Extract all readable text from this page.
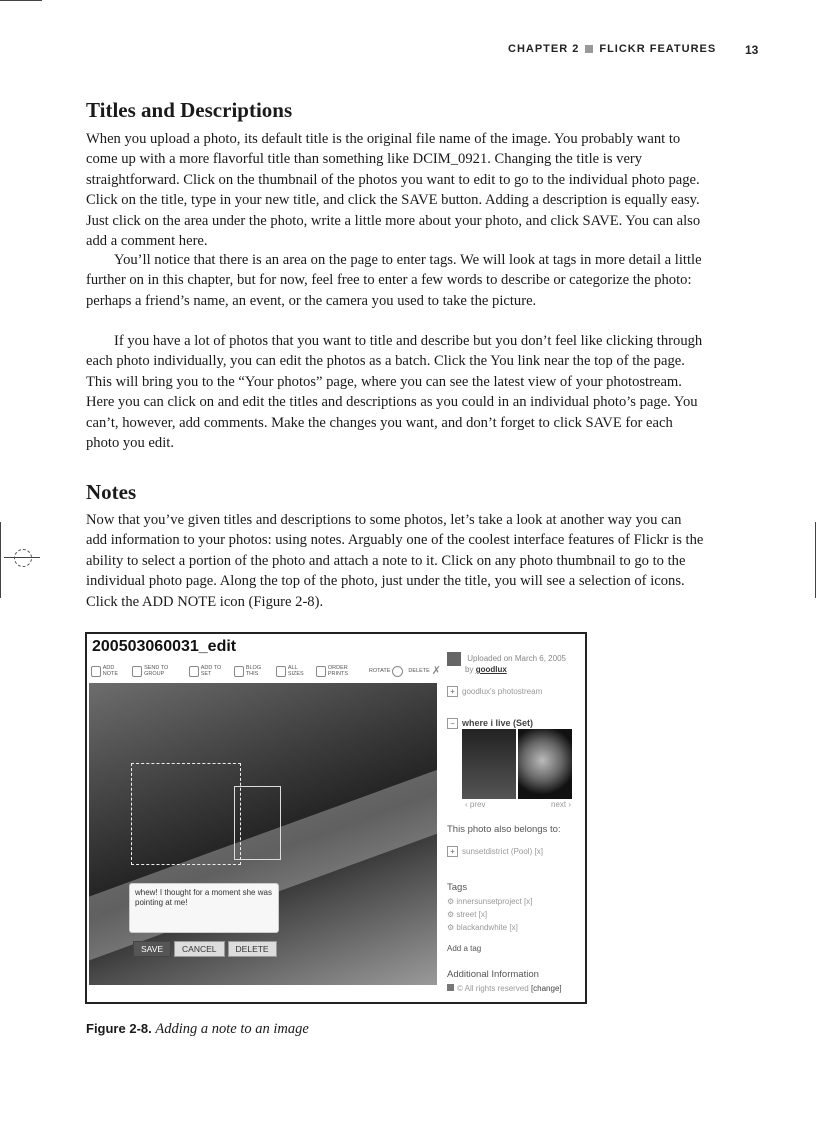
CHAPTER 2 FLICKR FEATURES 13
Titles and Descriptions

When you upload a photo, its default title is the original file name of the image. You probably want to come up with a more flavorful title than something like DCIM_0921. Changing the title is very straightforward. Click on the thumbnail of the photos you want to edit to go to the individual photo page. Click on the title, type in your new title, and click the SAVE button. Adding a description is equally easy. Just click on the area under the photo, write a little more about your photo, and click SAVE. You can also add a comment here.

You’ll notice that there is an area on the page to enter tags. We will look at tags in more detail a little further on in this chapter, but for now, feel free to enter a few words to describe or categorize the photo: perhaps a friend’s name, an event, or the camera you used to take the picture.

If you have a lot of photos that you want to title and describe but you don’t feel like clicking through each photo individually, you can edit the photos as a batch. Click the You link near the top of the page. This will bring you to the “Your photos” page, where you can see the latest view of your photostream. Here you can click on and edit the titles and descriptions as you could in an individual photo’s page. You can’t, however, add comments. Make the changes you want, and don’t forget to click SAVE for each photo you edit.

Notes

Now that you’ve given titles and descriptions to some photos, let’s take a look at another way you can add information to your photos: using notes. Arguably one of the coolest interface features of Flickr is the ability to select a portion of the photo and attach a note to it. Click on any photo thumbnail to go to the individual photo page. Along the top of the photo, just under the title, you will see a selection of icons. Click the ADD NOTE icon (Figure 2-8).

200503060031_edit
ADD NOTE
SEND TO GROUP
ADD TO SET
BLOG THIS
ALL SIZES
ORDER PRINTS	ROTATE	DELETE ✗
whew! I thought for a moment she was pointing at me!
SAVE	CANCEL	DELETE
Uploaded on March 6, 2005
by goodlux
+ goodlux's photostream
− where i live (Set)
‹ prev	next ›
This photo also belongs to:
+ sunsetdistrict (Pool) [x]
Tags
⚙ innersunsetproject [x]
⚙ street [x]
⚙ blackandwhite [x]
Add a tag
Additional Information
© All rights reserved [change]
Figure 2-8. Adding a note to an image
